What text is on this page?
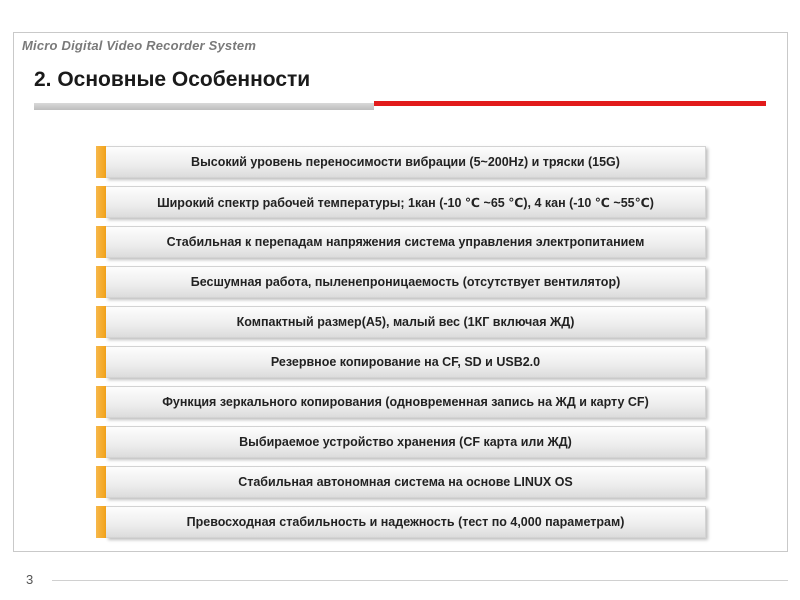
Micro Digital Video Recorder System
2. Основные Особенности
Высокий уровень переносимости вибрации (5~200Hz) и тряски (15G)
Широкий спектр рабочей температуры; 1кан (-10 ℃ ~65 ℃), 4 кан (-10 ℃ ~55℃)
Стабильная к перепадам напряжения система управления электропитанием
Бесшумная работа, пыленепроницаемость (отсутствует вентилятор)
Компактный размер(А5), малый вес (1КГ включая ЖД)
Резервное копирование на CF, SD и USB2.0
Функция зеркального копирования (одновременная запись на ЖД и карту CF)
Выбираемое устройство хранения (CF карта или ЖД)
Стабильная автономная система на основе LINUX OS
Превосходная стабильность и надежность (тест по 4,000 параметрам)
3
